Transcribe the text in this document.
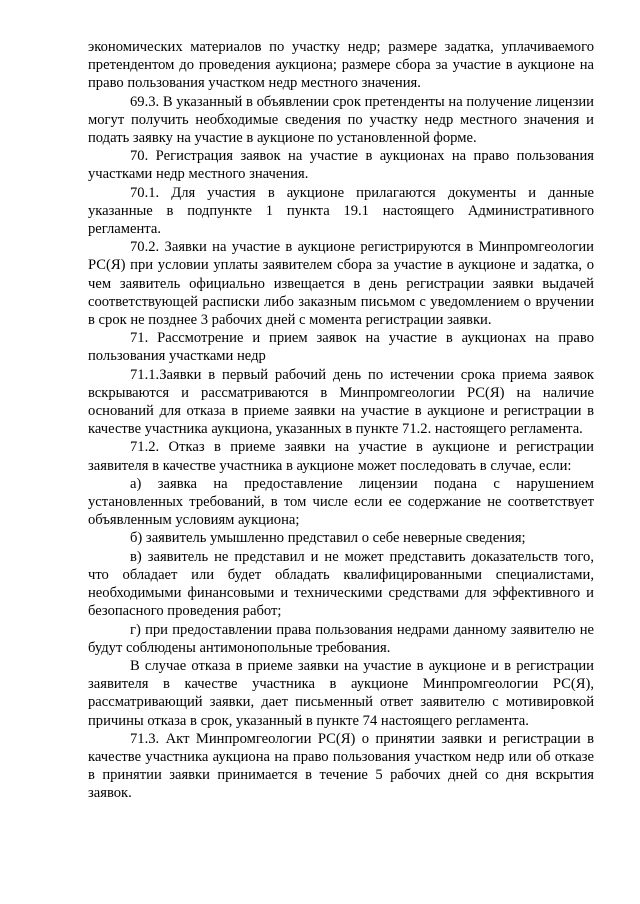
экономических материалов по участку недр; размере задатка, уплачиваемого претендентом до проведения аукциона; размере сбора за участие в аукционе на право пользования участком недр местного значения.

69.3. В указанный в объявлении срок претенденты на получение лицензии могут получить необходимые сведения по участку недр местного значения и подать заявку на участие в аукционе по установленной форме.

70. Регистрация заявок на участие в аукционах на право пользования участками недр местного значения.

70.1. Для участия в аукционе прилагаются документы и данные указанные в подпункте 1 пункта 19.1 настоящего Административного регламента.

70.2. Заявки на участие в аукционе регистрируются в Минпромгеологии РС(Я) при условии уплаты заявителем сбора за участие в аукционе и задатка, о чем заявитель официально извещается в день регистрации заявки выдачей соответствующей расписки либо заказным письмом с уведомлением о вручении в срок не позднее 3 рабочих дней с момента регистрации заявки.

71. Рассмотрение и прием заявок на участие в аукционах на право пользования участками недр

71.1.Заявки в первый рабочий день по истечении срока приема заявок вскрываются и рассматриваются в Минпромгеологии РС(Я) на наличие оснований для отказа в приеме заявки на участие в аукционе и регистрации в качестве участника аукциона, указанных в пункте 71.2. настоящего регламента.

71.2. Отказ в приеме заявки на участие в аукционе и регистрации заявителя в качестве участника в аукционе может последовать в случае, если:

а) заявка на предоставление лицензии подана с нарушением установленных требований, в том числе если ее содержание не соответствует объявленным условиям аукциона;

б) заявитель умышленно представил о себе неверные сведения;

в) заявитель не представил и не может представить доказательств того, что обладает или будет обладать квалифицированными специалистами, необходимыми финансовыми и техническими средствами для эффективного и безопасного проведения работ;

г) при предоставлении права пользования недрами данному заявителю не будут соблюдены антимонопольные требования.

В случае отказа в приеме заявки на участие в аукционе и в регистрации заявителя в качестве участника в аукционе Минпромгеологии РС(Я), рассматривающий заявки, дает письменный ответ заявителю с мотивировкой причины отказа в срок, указанный в пункте 74 настоящего регламента.

71.3. Акт Минпромгеологии РС(Я) о принятии заявки и регистрации в качестве участника аукциона на право пользования участком недр или об отказе в принятии заявки принимается в течение 5 рабочих дней со дня вскрытия заявок.
